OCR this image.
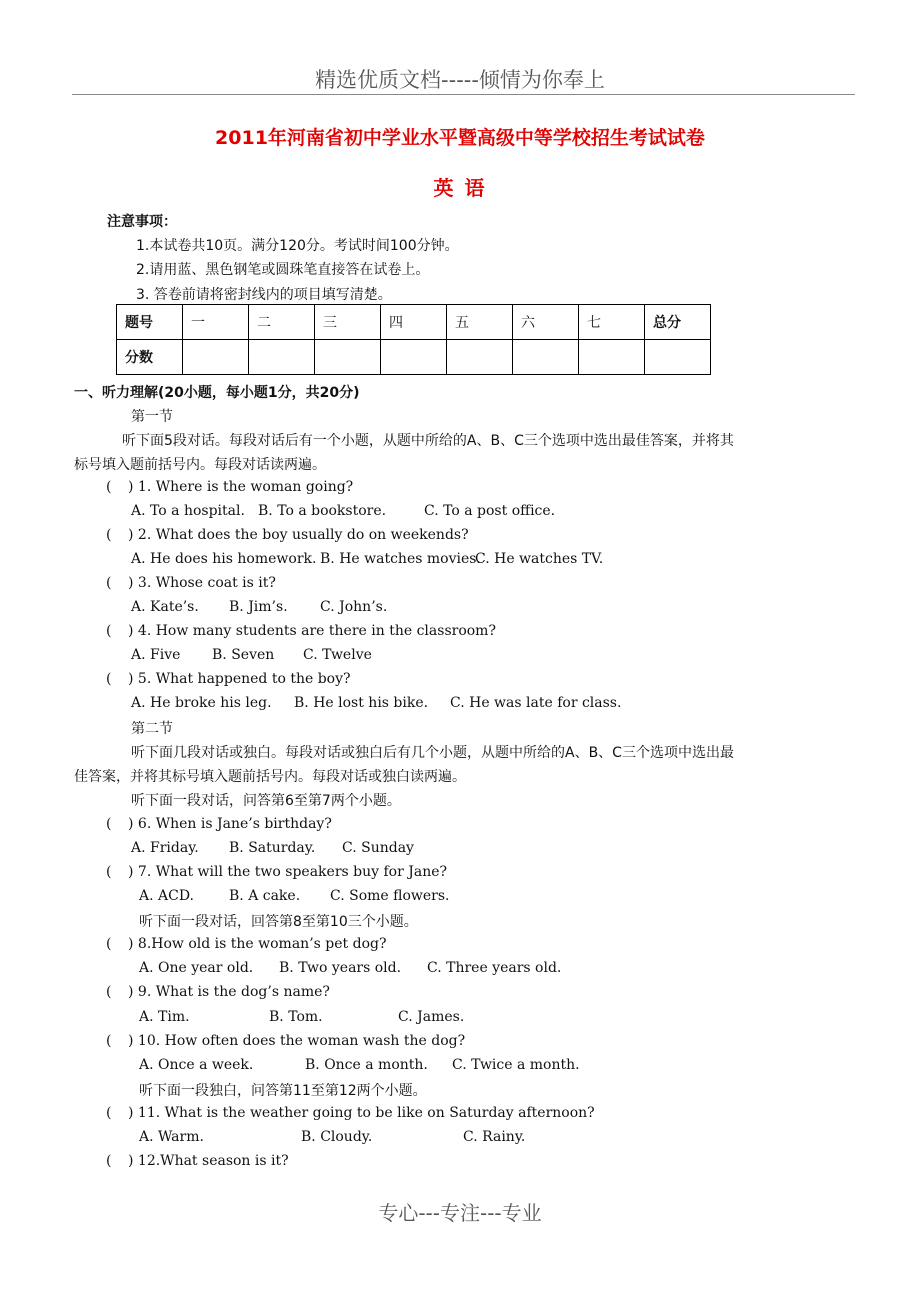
精选优质文档-----倾情为你奉上
2011年河南省初中学业水平暨高级中等学校招生考试试卷
英 语
注意事项：
1.本试卷共10页。满分120分。考试时间100分钟。
2.请用蓝、黑色钢笔或圆珠笔直接答在试卷上。
3. 答卷前请将密封线内的项目填写清楚。
题号	一	二	三	四	五	六	七	总分
分数								
一、听力理解(20小题，每小题1分，共20分)
第一节
听下面5段对话。每段对话后有一个小题，从题中所给的A、B、C三个选项中选出最佳答案，并将其
标号填入题前括号内。每段对话读两遍。
( ) 1. Where is the woman going?
A. To a hospital. B. To a bookstore.	C. To a post office.
( ) 2. What does the boy usually do on weekends?
A. He does his homework. B. He watches movies.
C. He watches TV.
( ) 3. Whose coat is it?
A. Kate’s. B. Jim’s. C. John’s.
( ) 4. How many students are there in the classroom?
A. Five B. Seven C. Twelve
( ) 5. What happened to the boy?
A. He broke his leg. B. He lost his bike. C. He was late for class.
第二节
听下面几段对话或独白。每段对话或独白后有几个小题，从题中所给的A、B、C三个选项中选出最
佳答案，并将其标号填入题前括号内。每段对话或独白读两遍。
听下面一段对话，问答第6至第7两个小题。
( ) 6. When is Jane’s birthday?
A. Friday. B. Saturday. C. Sunday
( ) 7. What will the two speakers buy for Jane?
A. ACD. B. A cake. C. Some flowers.
听下面一段对话，回答第8至第10三个小题。
( ) 8.How old is the woman’s pet dog?
A. One year old. B. Two years old. C. Three years old.
( ) 9. What is the dog’s name?
A. Tim.	B. Tom.	C. James.
( ) 10. How often does the woman wash the dog?
A. Once a week.	B. Once a month. C. Twice a month.
听下面一段独白，问答第11至第12两个小题。
( ) 11. What is the weather going to be like on Saturday afternoon?
A. Warm.	B. Cloudy.	C. Rainy.
( ) 12.What season is it?
专心---专注---专业
